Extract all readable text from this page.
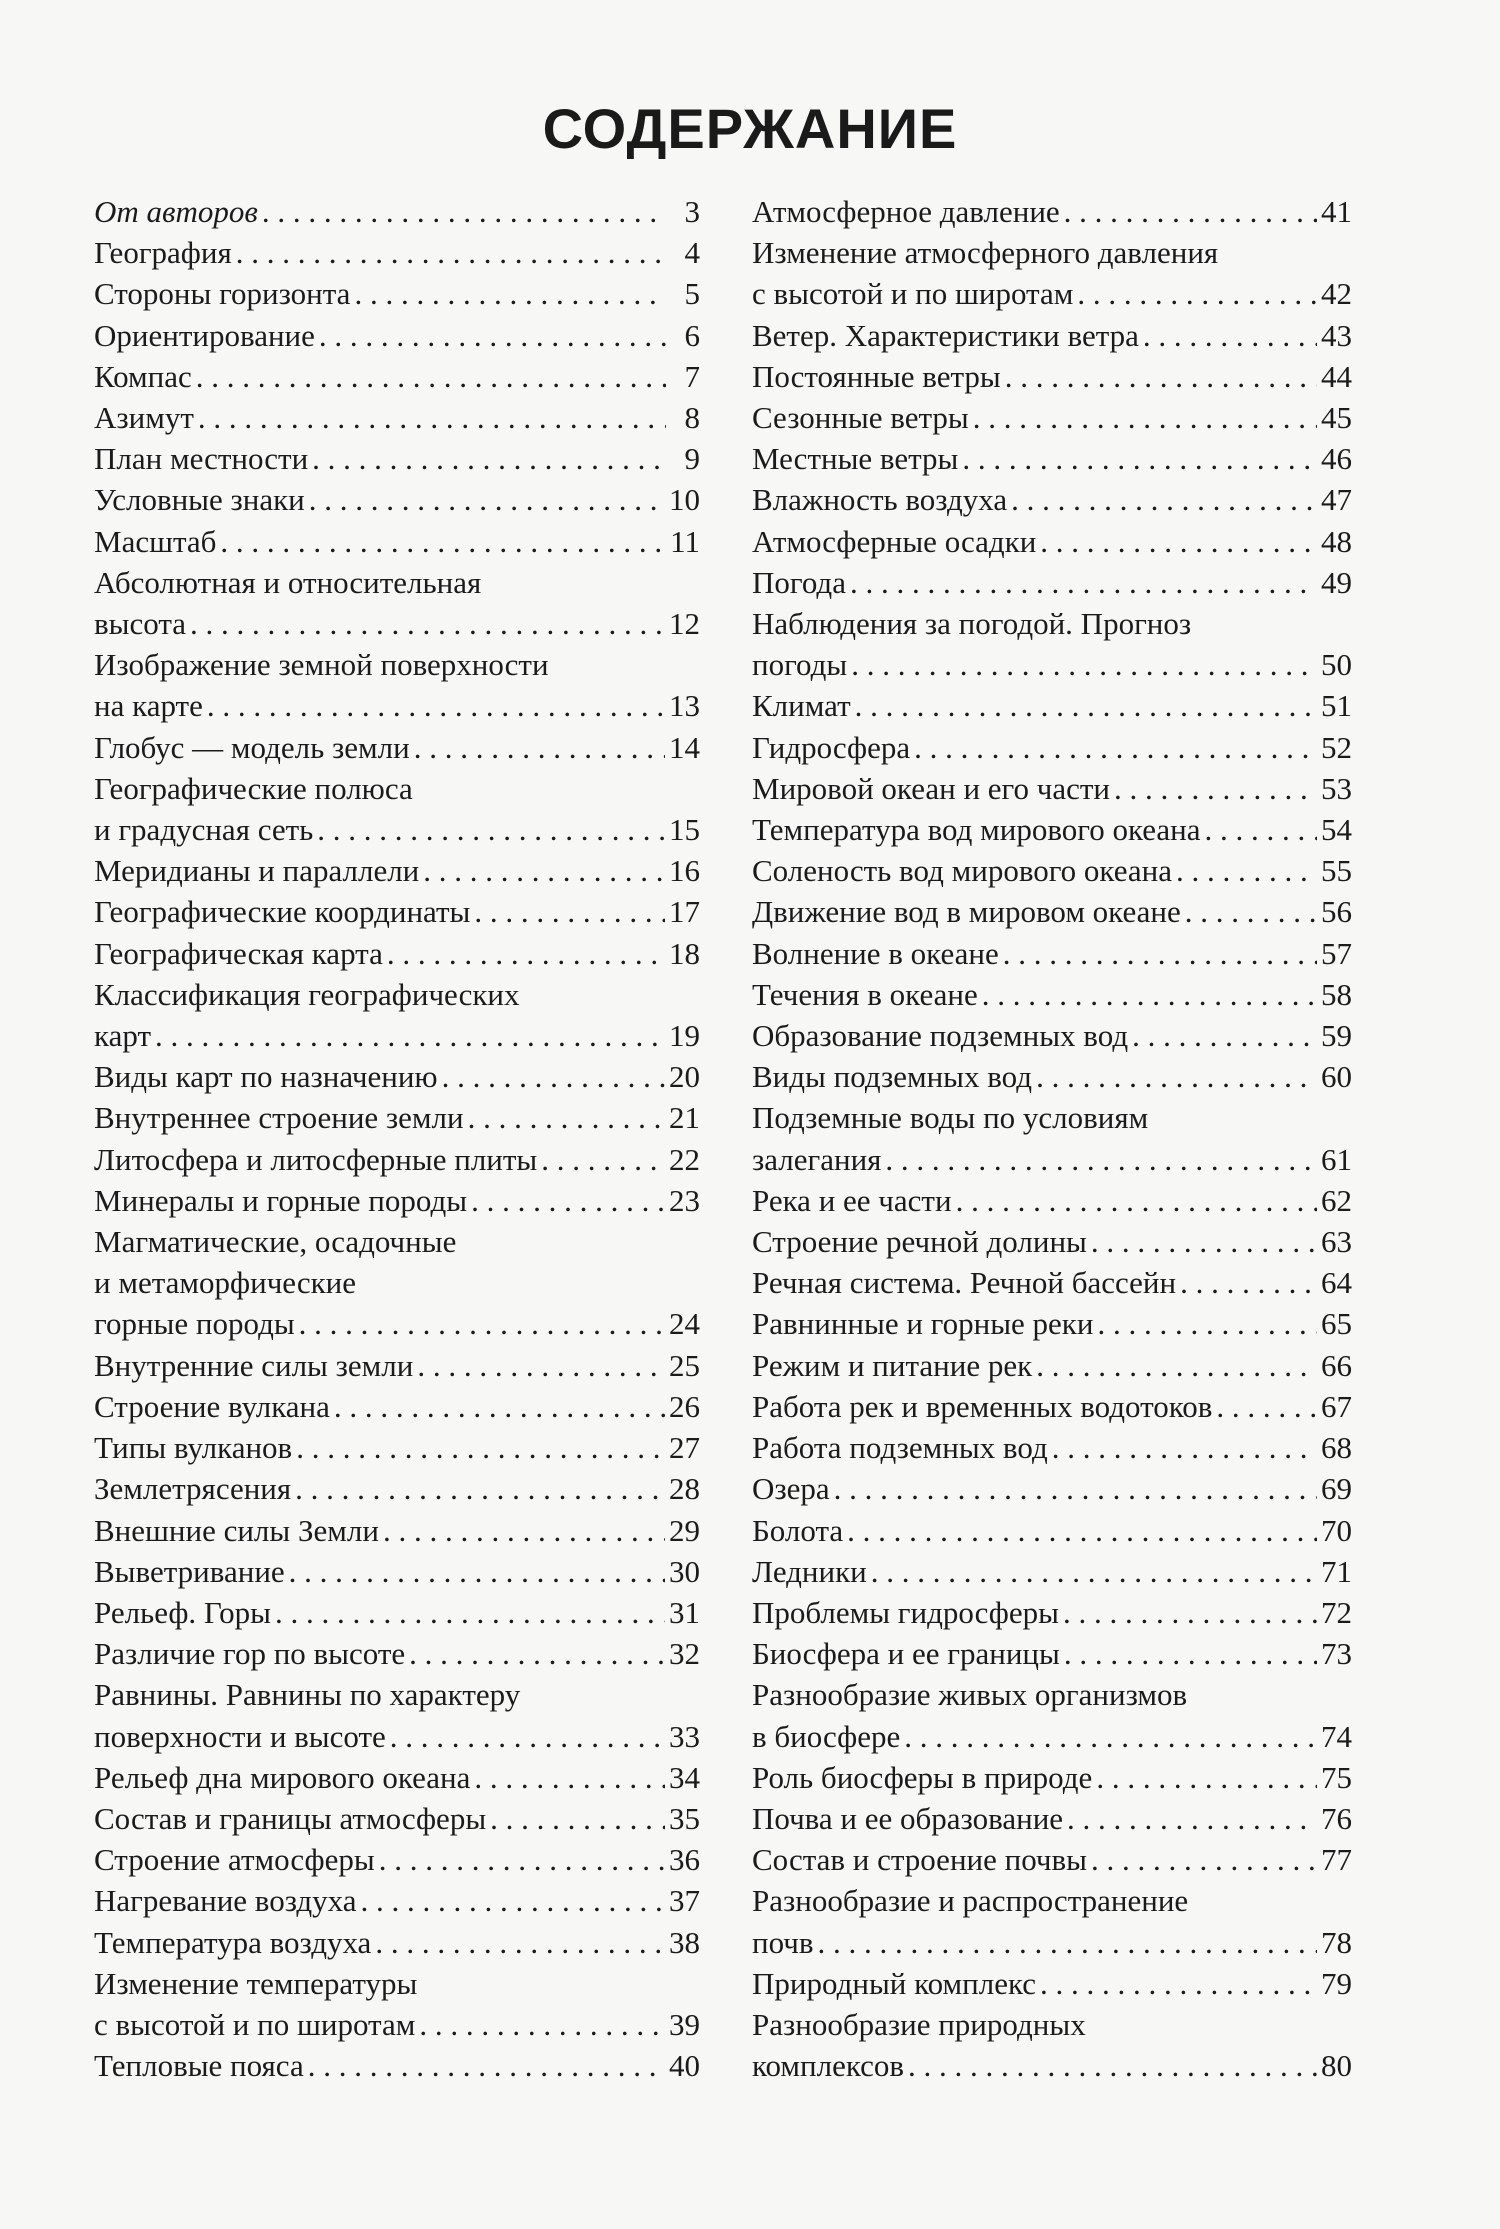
СОДЕРЖАНИЕ
От авторов . . .	3
География . . .	4
Стороны горизонта . . .	5
Ориентирование . . .	6
Компас . . .	7
Азимут . . .	8
План местности . . .	9
Условные знаки . . .	10
Масштаб . . .	11
Абсолютная и относительная
высота . . .	12
Изображение земной поверхности
на карте . . .	13
Глобус — модель земли . . .	14
Географические полюса
и градусная сеть . . .	15
Меридианы и параллели . . .	16
Географические координаты . . .	17
Географическая карта . . .	18
Классификация географических
карт . . .	19
Виды карт по назначению . . .	20
Внутреннее строение земли . . .	21
Литосфера и литосферные плиты . . .	22
Минералы и горные породы . . .	23
Магматические, осадочные
и метаморфические
горные породы . . .	24
Внутренние силы земли . . .	25
Строение вулкана . . .	26
Типы вулканов . . .	27
Землетрясения . . .	28
Внешние силы Земли . . .	29
Выветривание . . .	30
Рельеф. Горы . . .	31
Различие гор по высоте . . .	32
Равнины. Равнины по характеру
поверхности и высоте . . .	33
Рельеф дна мирового океана . . .	34
Состав и границы атмосферы . . .	35
Строение атмосферы . . .	36
Нагревание воздуха . . .	37
Температура воздуха . . .	38
Изменение температуры
с высотой и по широтам . . .	39
Тепловые пояса . . .	40
Атмосферное давление . . .	41
Изменение атмосферного давления
с высотой и по широтам . . .	42
Ветер. Характеристики ветра . . .	43
Постоянные ветры . . .	44
Сезонные ветры . . .	45
Местные ветры . . .	46
Влажность воздуха . . .	47
Атмосферные осадки . . .	48
Погода . . .	49
Наблюдения за погодой. Прогноз
погоды . . .	50
Климат . . .	51
Гидросфера . . .	52
Мировой океан и его части . . .	53
Температура вод мирового океана . . .	54
Соленость вод мирового океана . . .	55
Движение вод в мировом океане . . .	56
Волнение в океане . . .	57
Течения в океане . . .	58
Образование подземных вод . . .	59
Виды подземных вод . . .	60
Подземные воды по условиям
залегания . . .	61
Река и ее части . . .	62
Строение речной долины . . .	63
Речная система. Речной бассейн . . .	64
Равнинные и горные реки . . .	65
Режим и питание рек . . .	66
Работа рек и временных водотоков . . .	67
Работа подземных вод . . .	68
Озера . . .	69
Болота . . .	70
Ледники . . .	71
Проблемы гидросферы . . .	72
Биосфера и ее границы . . .	73
Разнообразие живых организмов
в биосфере . . .	74
Роль биосферы в природе . . .	75
Почва и ее образование . . .	76
Состав и строение почвы . . .	77
Разнообразие и распространение
почв . . .	78
Природный комплекс . . .	79
Разнообразие природных
комплексов . . .	80
